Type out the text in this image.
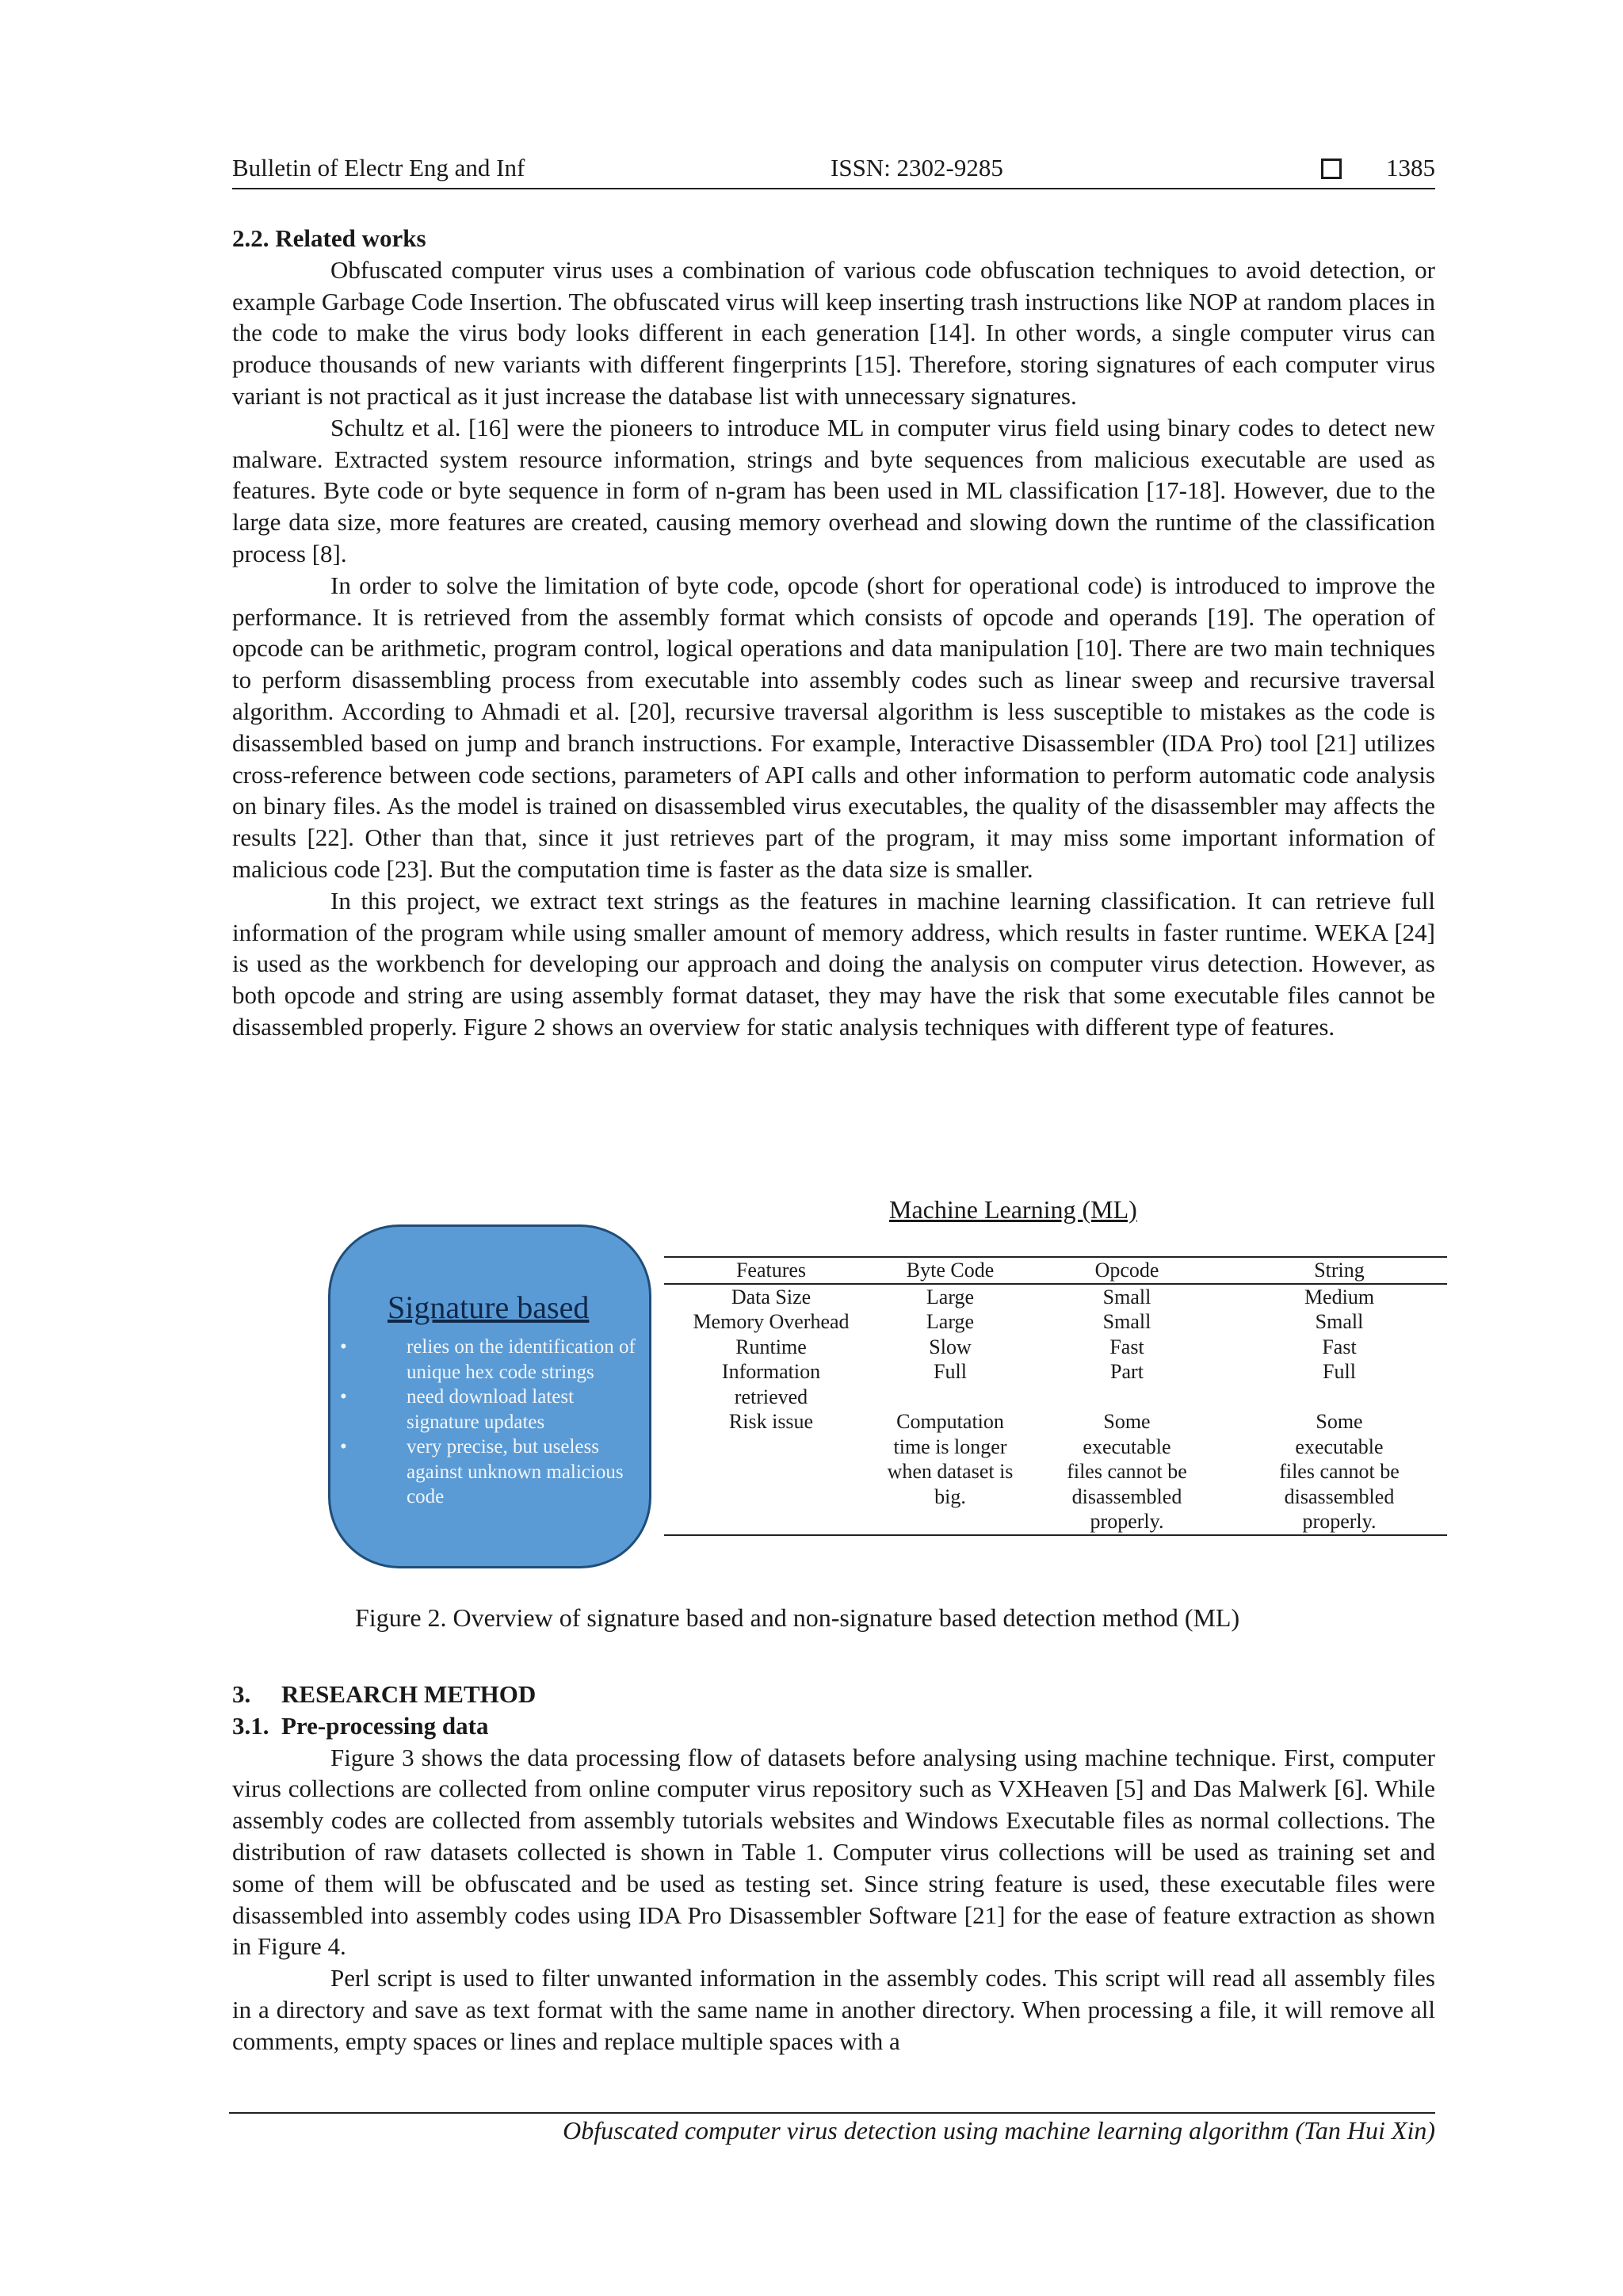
Bulletin of Electr Eng and Inf	ISSN: 2302-9285	1385
2.2. Related works

Obfuscated computer virus uses a combination of various code obfuscation techniques to avoid detection, or example Garbage Code Insertion. The obfuscated virus will keep inserting trash instructions like NOP at random places in the code to make the virus body looks different in each generation [14]. In other words, a single computer virus can produce thousands of new variants with different fingerprints [15]. Therefore, storing signatures of each computer virus variant is not practical as it just increase the database list with unnecessary signatures.

Schultz et al. [16] were the pioneers to introduce ML in computer virus field using binary codes to detect new malware. Extracted system resource information, strings and byte sequences from malicious executable are used as features. Byte code or byte sequence in form of n-gram has been used in ML classification [17-18]. However, due to the large data size, more features are created, causing memory overhead and slowing down the runtime of the classification process [8].

In order to solve the limitation of byte code, opcode (short for operational code) is introduced to improve the performance. It is retrieved from the assembly format which consists of opcode and operands [19]. The operation of opcode can be arithmetic, program control, logical operations and data manipulation [10]. There are two main techniques to perform disassembling process from executable into assembly codes such as linear sweep and recursive traversal algorithm. According to Ahmadi et al. [20], recursive traversal algorithm is less susceptible to mistakes as the code is disassembled based on jump and branch instructions. For example, Interactive Disassembler (IDA Pro) tool [21] utilizes cross-reference between code sections, parameters of API calls and other information to perform automatic code analysis on binary files. As the model is trained on disassembled virus executables, the quality of the disassembler may affects the results [22]. Other than that, since it just retrieves part of the program, it may miss some important information of malicious code [23]. But the computation time is faster as the data size is smaller.

In this project, we extract text strings as the features in machine learning classification. It can retrieve full information of the program while using smaller amount of memory address, which results in faster runtime. WEKA [24] is used as the workbench for developing our approach and doing the analysis on computer virus detection. However, as both opcode and string are using assembly format dataset, they may have the risk that some executable files cannot be disassembled properly. Figure 2 shows an overview for static analysis techniques with different type of features.

Machine Learning (ML)
Signature based
• relies on the identification of unique hex code strings
• need download latest signature updates
• very precise, but useless against unknown malicious code
Features	Byte Code	Opcode	String
Data Size	Large	Small	Medium
Memory Overhead	Large	Small	Small
Runtime	Slow	Fast	Fast
Information retrieved	Full	Part	Full
Risk issue	Computation time is longer when dataset is big.	Some executable files cannot be disassembled properly.	Some executable files cannot be disassembled properly.
Figure 2. Overview of signature based and non-signature based detection method (ML)
3.     RESEARCH METHOD
3.1.  Pre-processing data

Figure 3 shows the data processing flow of datasets before analysing using machine technique. First, computer virus collections are collected from online computer virus repository such as VXHeaven [5] and Das Malwerk [6]. While assembly codes are collected from assembly tutorials websites and Windows Executable files as normal collections. The distribution of raw datasets collected is shown in Table 1. Computer virus collections will be used as training set and some of them will be obfuscated and be used as testing set. Since string feature is used, these executable files were disassembled into assembly codes using IDA Pro Disassembler Software [21] for the ease of feature extraction as shown in Figure 4.

Perl script is used to filter unwanted information in the assembly codes. This script will read all assembly files in a directory and save as text format with the same name in another directory. When processing a file, it will remove all comments, empty spaces or lines and replace multiple spaces with a

Obfuscated computer virus detection using machine learning algorithm (Tan Hui Xin)
